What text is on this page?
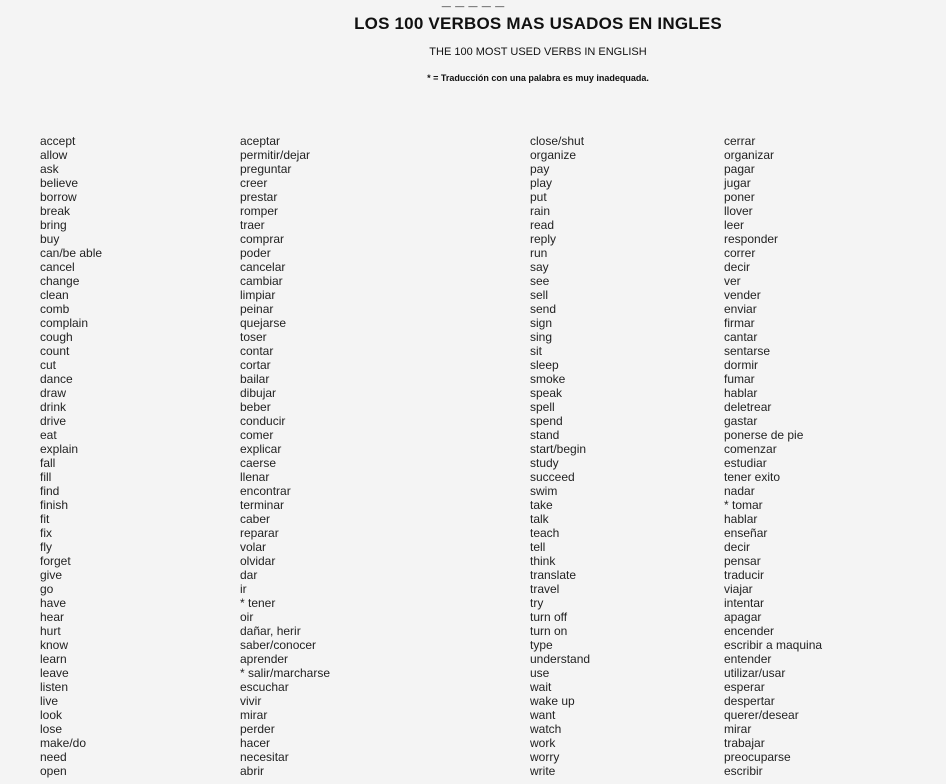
_ _ _ _ _
LOS 100 VERBOS MAS USADOS EN INGLES
THE 100 MOST USED VERBS IN ENGLISH
* = Traducción con una palabra es muy inadequada.
accept
allow
ask
believe
borrow
break
bring
buy
can/be able
cancel
change
clean
comb
complain
cough
count
cut
dance
draw
drink
drive
eat
explain
fall
fill
find
finish
fit
fix
fly
forget
give
go
have
hear
hurt
know
learn
leave
listen
live
look
lose
make/do
need
open
aceptar
permitir/dejar
preguntar
creer
prestar
romper
traer
comprar
poder
cancelar
cambiar
limpiar
peinar
quejarse
toser
contar
cortar
bailar
dibujar
beber
conducir
comer
explicar
caerse
llenar
encontrar
terminar
caber
reparar
volar
olvidar
dar
ir
* tener
oir
dañar, herir
saber/conocer
aprender
* salir/marcharse
escuchar
vivir
mirar
perder
hacer
necesitar
abrir
close/shut
organize
pay
play
put
rain
read
reply
run
say
see
sell
send
sign
sing
sit
sleep
smoke
speak
spell
spend
stand
start/begin
study
succeed
swim
take
talk
teach
tell
think
translate
travel
try
turn off
turn on
type
understand
use
wait
wake up
want
watch
work
worry
write
cerrar
organizar
pagar
jugar
poner
llover
leer
responder
correr
decir
ver
vender
enviar
firmar
cantar
sentarse
dormir
fumar
hablar
deletrear
gastar
ponerse de pie
comenzar
estudiar
tener exito
nadar
* tomar
hablar
enseñar
decir
pensar
traducir
viajar
intentar
apagar
encender
escribir a maquina
entender
utilizar/usar
esperar
despertar
querer/desear
mirar
trabajar
preocuparse
escribir
